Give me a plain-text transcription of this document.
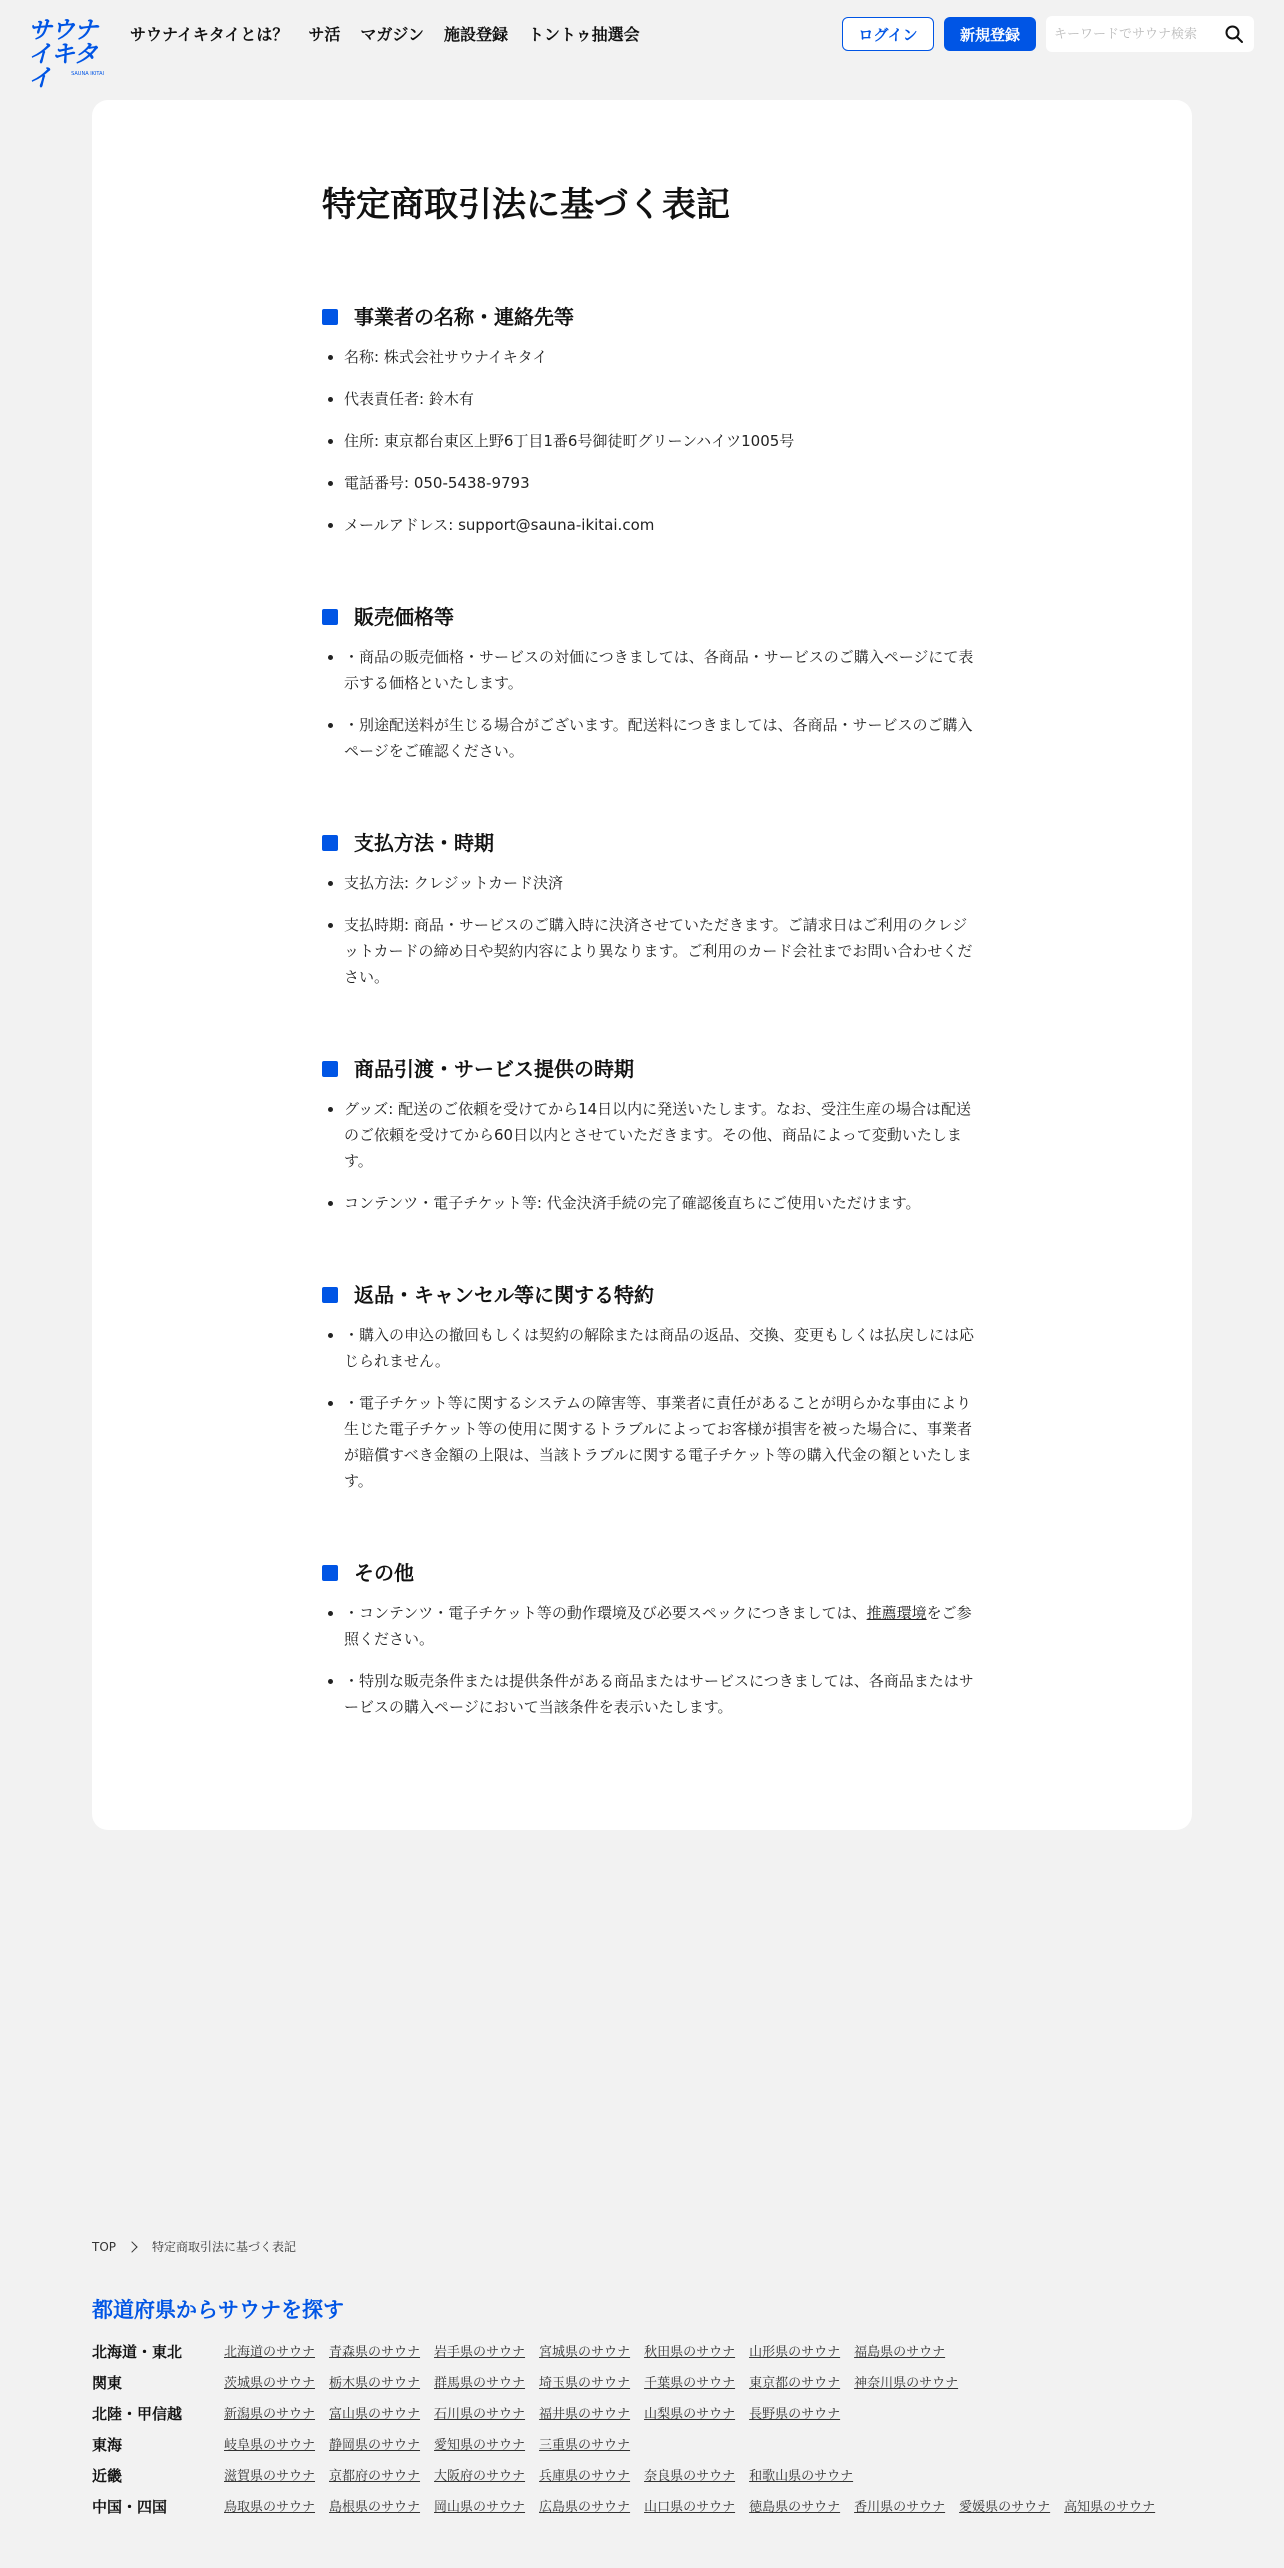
サウナ
イキタイ	SAUNA IKITAI
サウナイキタイとは？ サ活 マガジン 施設登録 トントゥ抽選会	ログイン	新規登録
キーワードでサウナ検索
特定商取引法に基づく表記
事業者の名称・連絡先等
• 名称: 株式会社サウナイキタイ
• 代表責任者: 鈴木有
• 住所: 東京都台東区上野6丁目1番6号御徒町グリーンハイツ1005号
• 電話番号: 050-5438-9793
• メールアドレス: support@sauna-ikitai.com
販売価格等
• ・商品の販売価格・サービスの対価につきましては、各商品・サービスのご購入ページにて表示する価格といたします。
• ・別途配送料が生じる場合がございます。配送料につきましては、各商品・サービスのご購入ページをご確認ください。
支払方法・時期
• 支払方法: クレジットカード決済
• 支払時期: 商品・サービスのご購入時に決済させていただきます。ご請求日はご利用のクレジットカードの締め日や契約内容により異なります。ご利用のカード会社までお問い合わせください。
商品引渡・サービス提供の時期
• グッズ: 配送のご依頼を受けてから14日以内に発送いたします。なお、受注生産の場合は配送のご依頼を受けてから60日以内とさせていただきます。その他、商品によって変動いたします。
• コンテンツ・電子チケット等: 代金決済手続の完了確認後直ちにご使用いただけます。
返品・キャンセル等に関する特約
• ・購入の申込の撤回もしくは契約の解除または商品の返品、交換、変更もしくは払戻しには応じられません。
• ・電子チケット等に関するシステムの障害等、事業者に責任があることが明らかな事由により生じた電子チケット等の使用に関するトラブルによってお客様が損害を被った場合に、事業者が賠償すべき金額の上限は、当該トラブルに関する電子チケット等の購入代金の額といたします。
その他
• ・コンテンツ・電子チケット等の動作環境及び必要スペックにつきましては、推薦環境をご参照ください。
• ・特別な販売条件または提供条件がある商品またはサービスにつきましては、各商品またはサービスの購入ページにおいて当該条件を表示いたします。
TOP	特定商取引法に基づく表記
都道府県からサウナを探す
北海道・東北	北海道のサウナ 青森県のサウナ 岩手県のサウナ 宮城県のサウナ 秋田県のサウナ 山形県のサウナ 福島県のサウナ
関東	茨城県のサウナ 栃木県のサウナ 群馬県のサウナ 埼玉県のサウナ 千葉県のサウナ 東京都のサウナ 神奈川県のサウナ
北陸・甲信越	新潟県のサウナ 富山県のサウナ 石川県のサウナ 福井県のサウナ 山梨県のサウナ 長野県のサウナ
東海	岐阜県のサウナ 静岡県のサウナ 愛知県のサウナ 三重県のサウナ
近畿	滋賀県のサウナ 京都府のサウナ 大阪府のサウナ 兵庫県のサウナ 奈良県のサウナ 和歌山県のサウナ
中国・四国	鳥取県のサウナ 島根県のサウナ 岡山県のサウナ 広島県のサウナ 山口県のサウナ 徳島県のサウナ 香川県のサウナ 愛媛県のサウナ 高知県のサウナ
